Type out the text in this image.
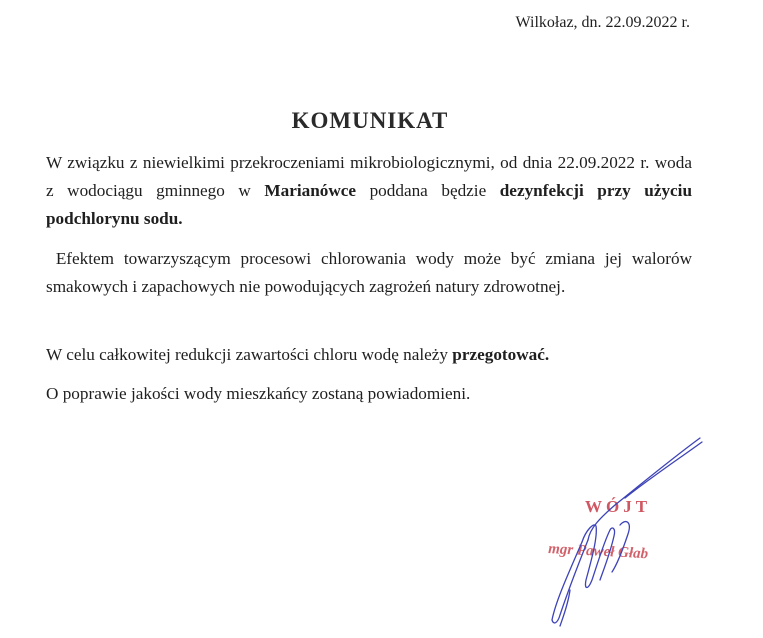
Wilkołaz, dn. 22.09.2022 r.
KOMUNIKAT
W związku z niewielkimi przekroczeniami mikrobiologicznymi, od dnia 22.09.2022 r. woda z wodociągu gminnego w Marianówce poddana będzie dezynfekcji przy użyciu podchlorynu sodu.
Efektem towarzyszącym procesowi chlorowania wody może być zmiana jej walorów smakowych i zapachowych nie powodujących zagrożeń natury zdrowotnej.
W celu całkowitej redukcji zawartości chloru wodę należy przegotować.
O poprawie jakości wody mieszkańcy zostaną powiadomieni.
WÓJT
mgr Paweł Głab
